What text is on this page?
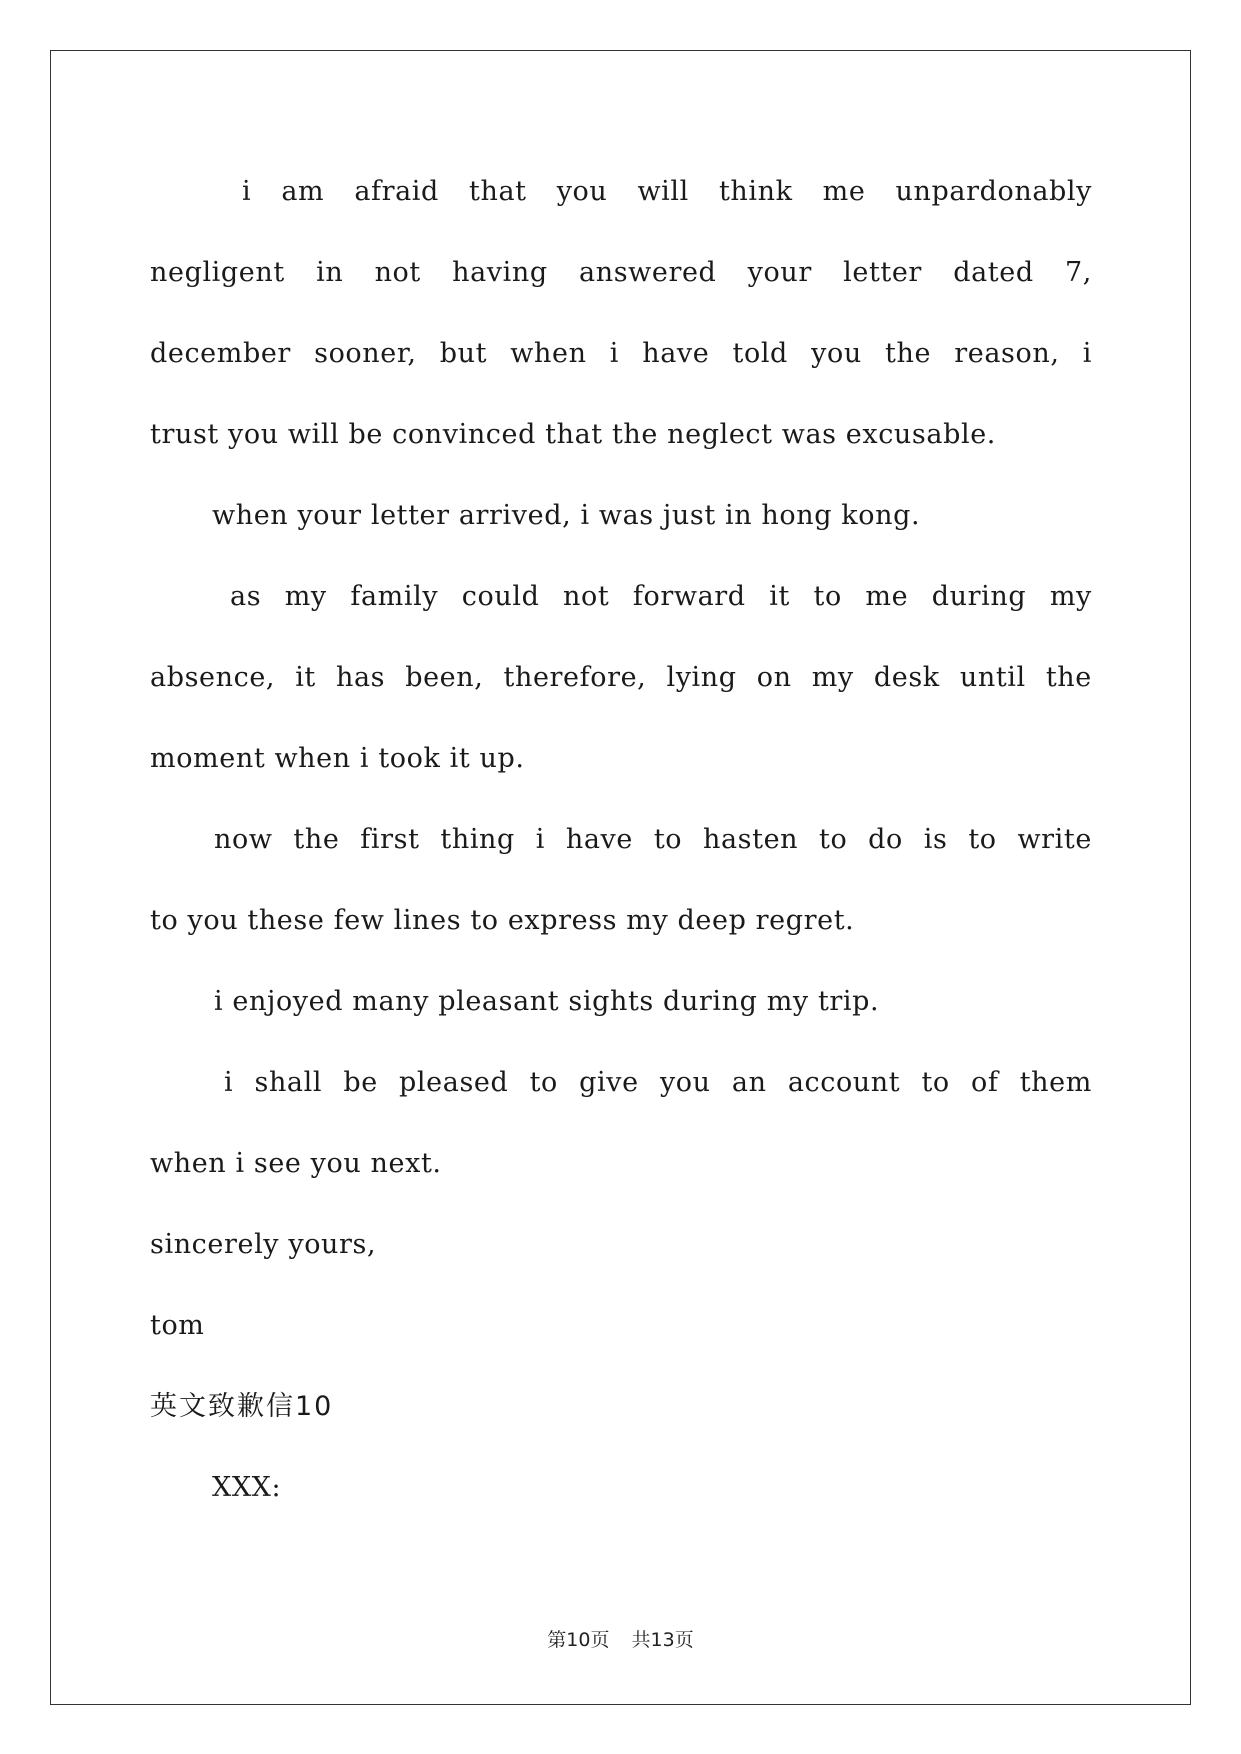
i am afraid that you will think me unpardonably
negligent in not having answered your letter dated 7,
december sooner, but when i have told you the reason, i
trust you will be convinced that the neglect was excusable.
when your letter arrived, i was just in hong kong.
as my family could not forward it to me during my
absence, it has been, therefore, lying on my desk until the
moment when i took it up.
now the first thing i have to hasten to do is to write
to you these few lines to express my deep regret.
i enjoyed many pleasant sights during my trip.
i shall be pleased to give you an account to of them
when i see you next.
sincerely yours,
tom
英文致歉信10
XXX:
第10页 共13页
